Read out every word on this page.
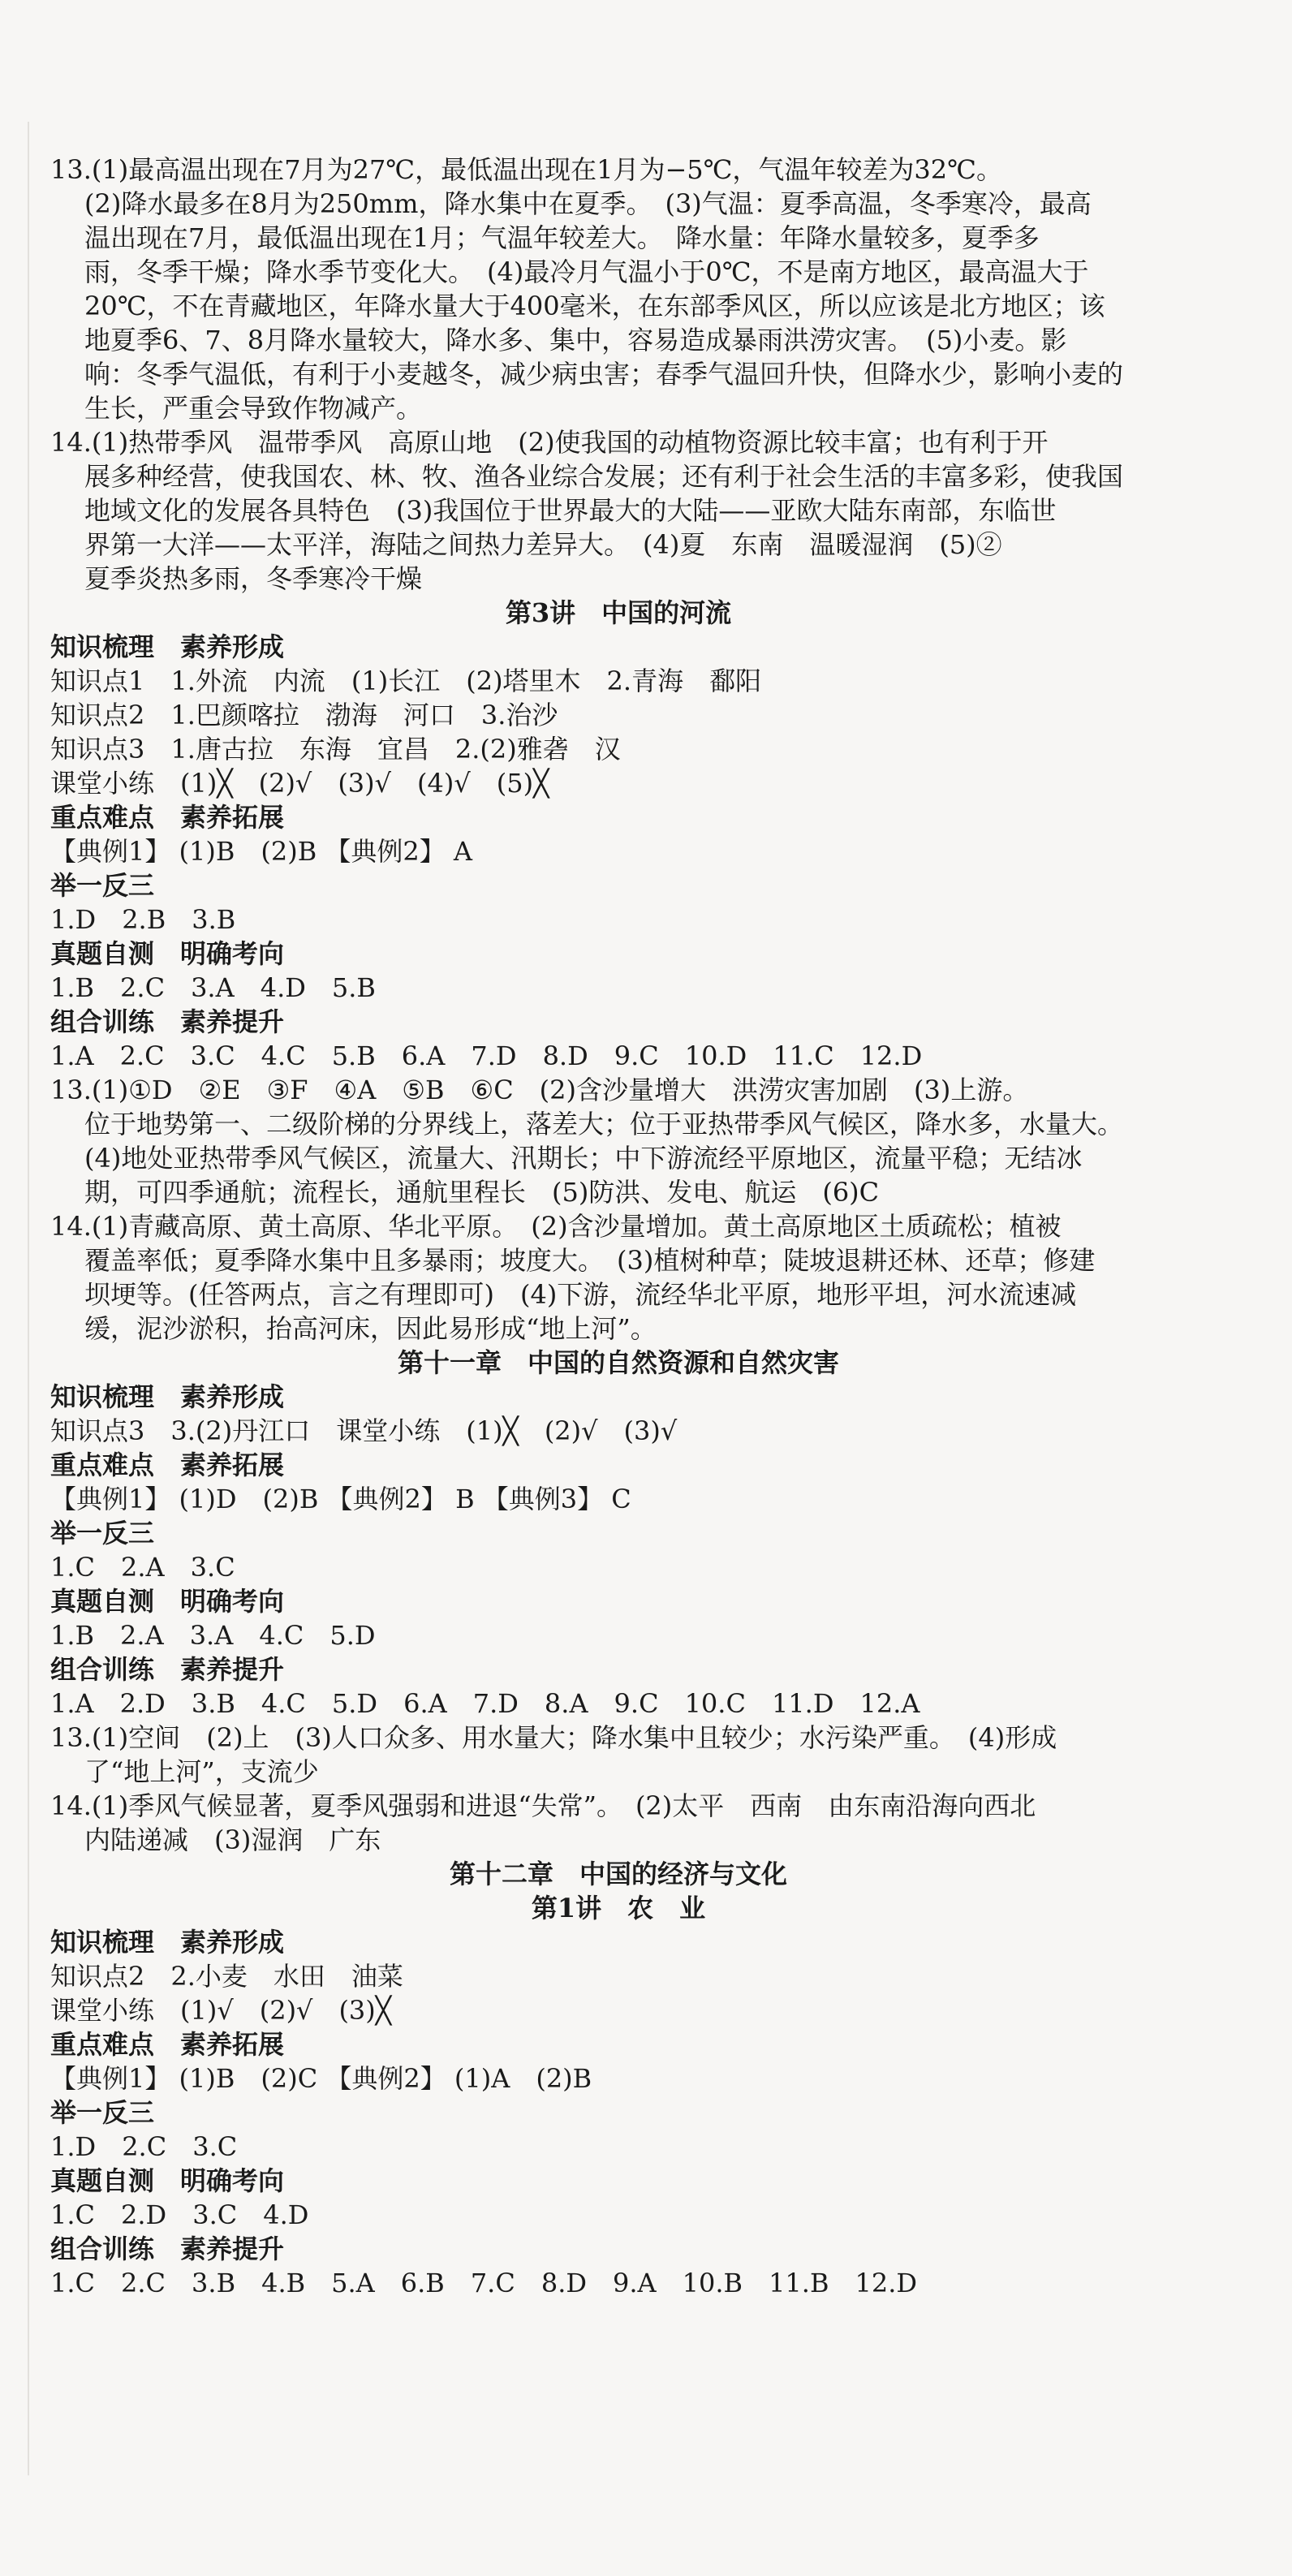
13.(1)最高温出现在7月为27℃，最低温出现在1月为−5℃，气温年较差为32℃。
(2)降水最多在8月为250mm，降水集中在夏季。　(3)气温：夏季高温，冬季寒冷，最高
温出现在7月，最低温出现在1月；气温年较差大。　降水量：年降水量较多，夏季多
雨，冬季干燥；降水季节变化大。　(4)最冷月气温小于0℃，不是南方地区，最高温大于
20℃，不在青藏地区，年降水量大于400毫米，在东部季风区，所以应该是北方地区；该
地夏季6、7、8月降水量较大，降水多、集中，容易造成暴雨洪涝灾害。　(5)小麦。影
响：冬季气温低，有利于小麦越冬，减少病虫害；春季气温回升快，但降水少，影响小麦的
生长，严重会导致作物减产。
14.(1)热带季风　温带季风　高原山地　(2)使我国的动植物资源比较丰富；也有利于开
展多种经营，使我国农、林、牧、渔各业综合发展；还有利于社会生活的丰富多彩，使我国
地域文化的发展各具特色　(3)我国位于世界最大的大陆——亚欧大陆东南部，东临世
界第一大洋——太平洋，海陆之间热力差异大。　(4)夏　东南　温暖湿润　(5)②
夏季炎热多雨，冬季寒冷干燥
第3讲　中国的河流
知识梳理　素养形成
知识点1　1.外流　内流　(1)长江　(2)塔里木　2.青海　鄱阳
知识点2　1.巴颜喀拉　渤海　河口　3.治沙
知识点3　1.唐古拉　东海　宜昌　2.(2)雅砻　汉
课堂小练　(1)╳　(2)√　(3)√　(4)√　(5)╳
重点难点　素养拓展
【典例1】 (1)B　(2)B 【典例2】 A
举一反三
1.D　2.B　3.B
真题自测　明确考向
1.B　2.C　3.A　4.D　5.B
组合训练　素养提升
1.A　2.C　3.C　4.C　5.B　6.A　7.D　8.D　9.C　10.D　11.C　12.D
13.(1)①D　②E　③F　④A　⑤B　⑥C　(2)含沙量增大　洪涝灾害加剧　(3)上游。
位于地势第一、二级阶梯的分界线上，落差大；位于亚热带季风气候区，降水多，水量大。
(4)地处亚热带季风气候区，流量大、汛期长；中下游流经平原地区，流量平稳；无结冰
期，可四季通航；流程长，通航里程长　(5)防洪、发电、航运　(6)C
14.(1)青藏高原、黄土高原、华北平原。　(2)含沙量增加。黄土高原地区土质疏松；植被
覆盖率低；夏季降水集中且多暴雨；坡度大。　(3)植树种草；陡坡退耕还林、还草；修建
坝埂等。(任答两点，言之有理即可)　(4)下游，流经华北平原，地形平坦，河水流速减
缓，泥沙淤积，抬高河床，因此易形成“地上河”。
第十一章　中国的自然资源和自然灾害
知识梳理　素养形成
知识点3　3.(2)丹江口　课堂小练　(1)╳　(2)√　(3)√
重点难点　素养拓展
【典例1】 (1)D　(2)B 【典例2】 B 【典例3】 C
举一反三
1.C　2.A　3.C
真题自测　明确考向
1.B　2.A　3.A　4.C　5.D
组合训练　素养提升
1.A　2.D　3.B　4.C　5.D　6.A　7.D　8.A　9.C　10.C　11.D　12.A
13.(1)空间　(2)上　(3)人口众多、用水量大；降水集中且较少；水污染严重。　(4)形成
了“地上河”，支流少
14.(1)季风气候显著，夏季风强弱和进退“失常”。　(2)太平　西南　由东南沿海向西北
内陆递减　(3)湿润　广东
第十二章　中国的经济与文化
第1讲　农　业
知识梳理　素养形成
知识点2　2.小麦　水田　油菜
课堂小练　(1)√　(2)√　(3)╳
重点难点　素养拓展
【典例1】 (1)B　(2)C 【典例2】 (1)A　(2)B
举一反三
1.D　2.C　3.C
真题自测　明确考向
1.C　2.D　3.C　4.D
组合训练　素养提升
1.C　2.C　3.B　4.B　5.A　6.B　7.C　8.D　9.A　10.B　11.B　12.D
